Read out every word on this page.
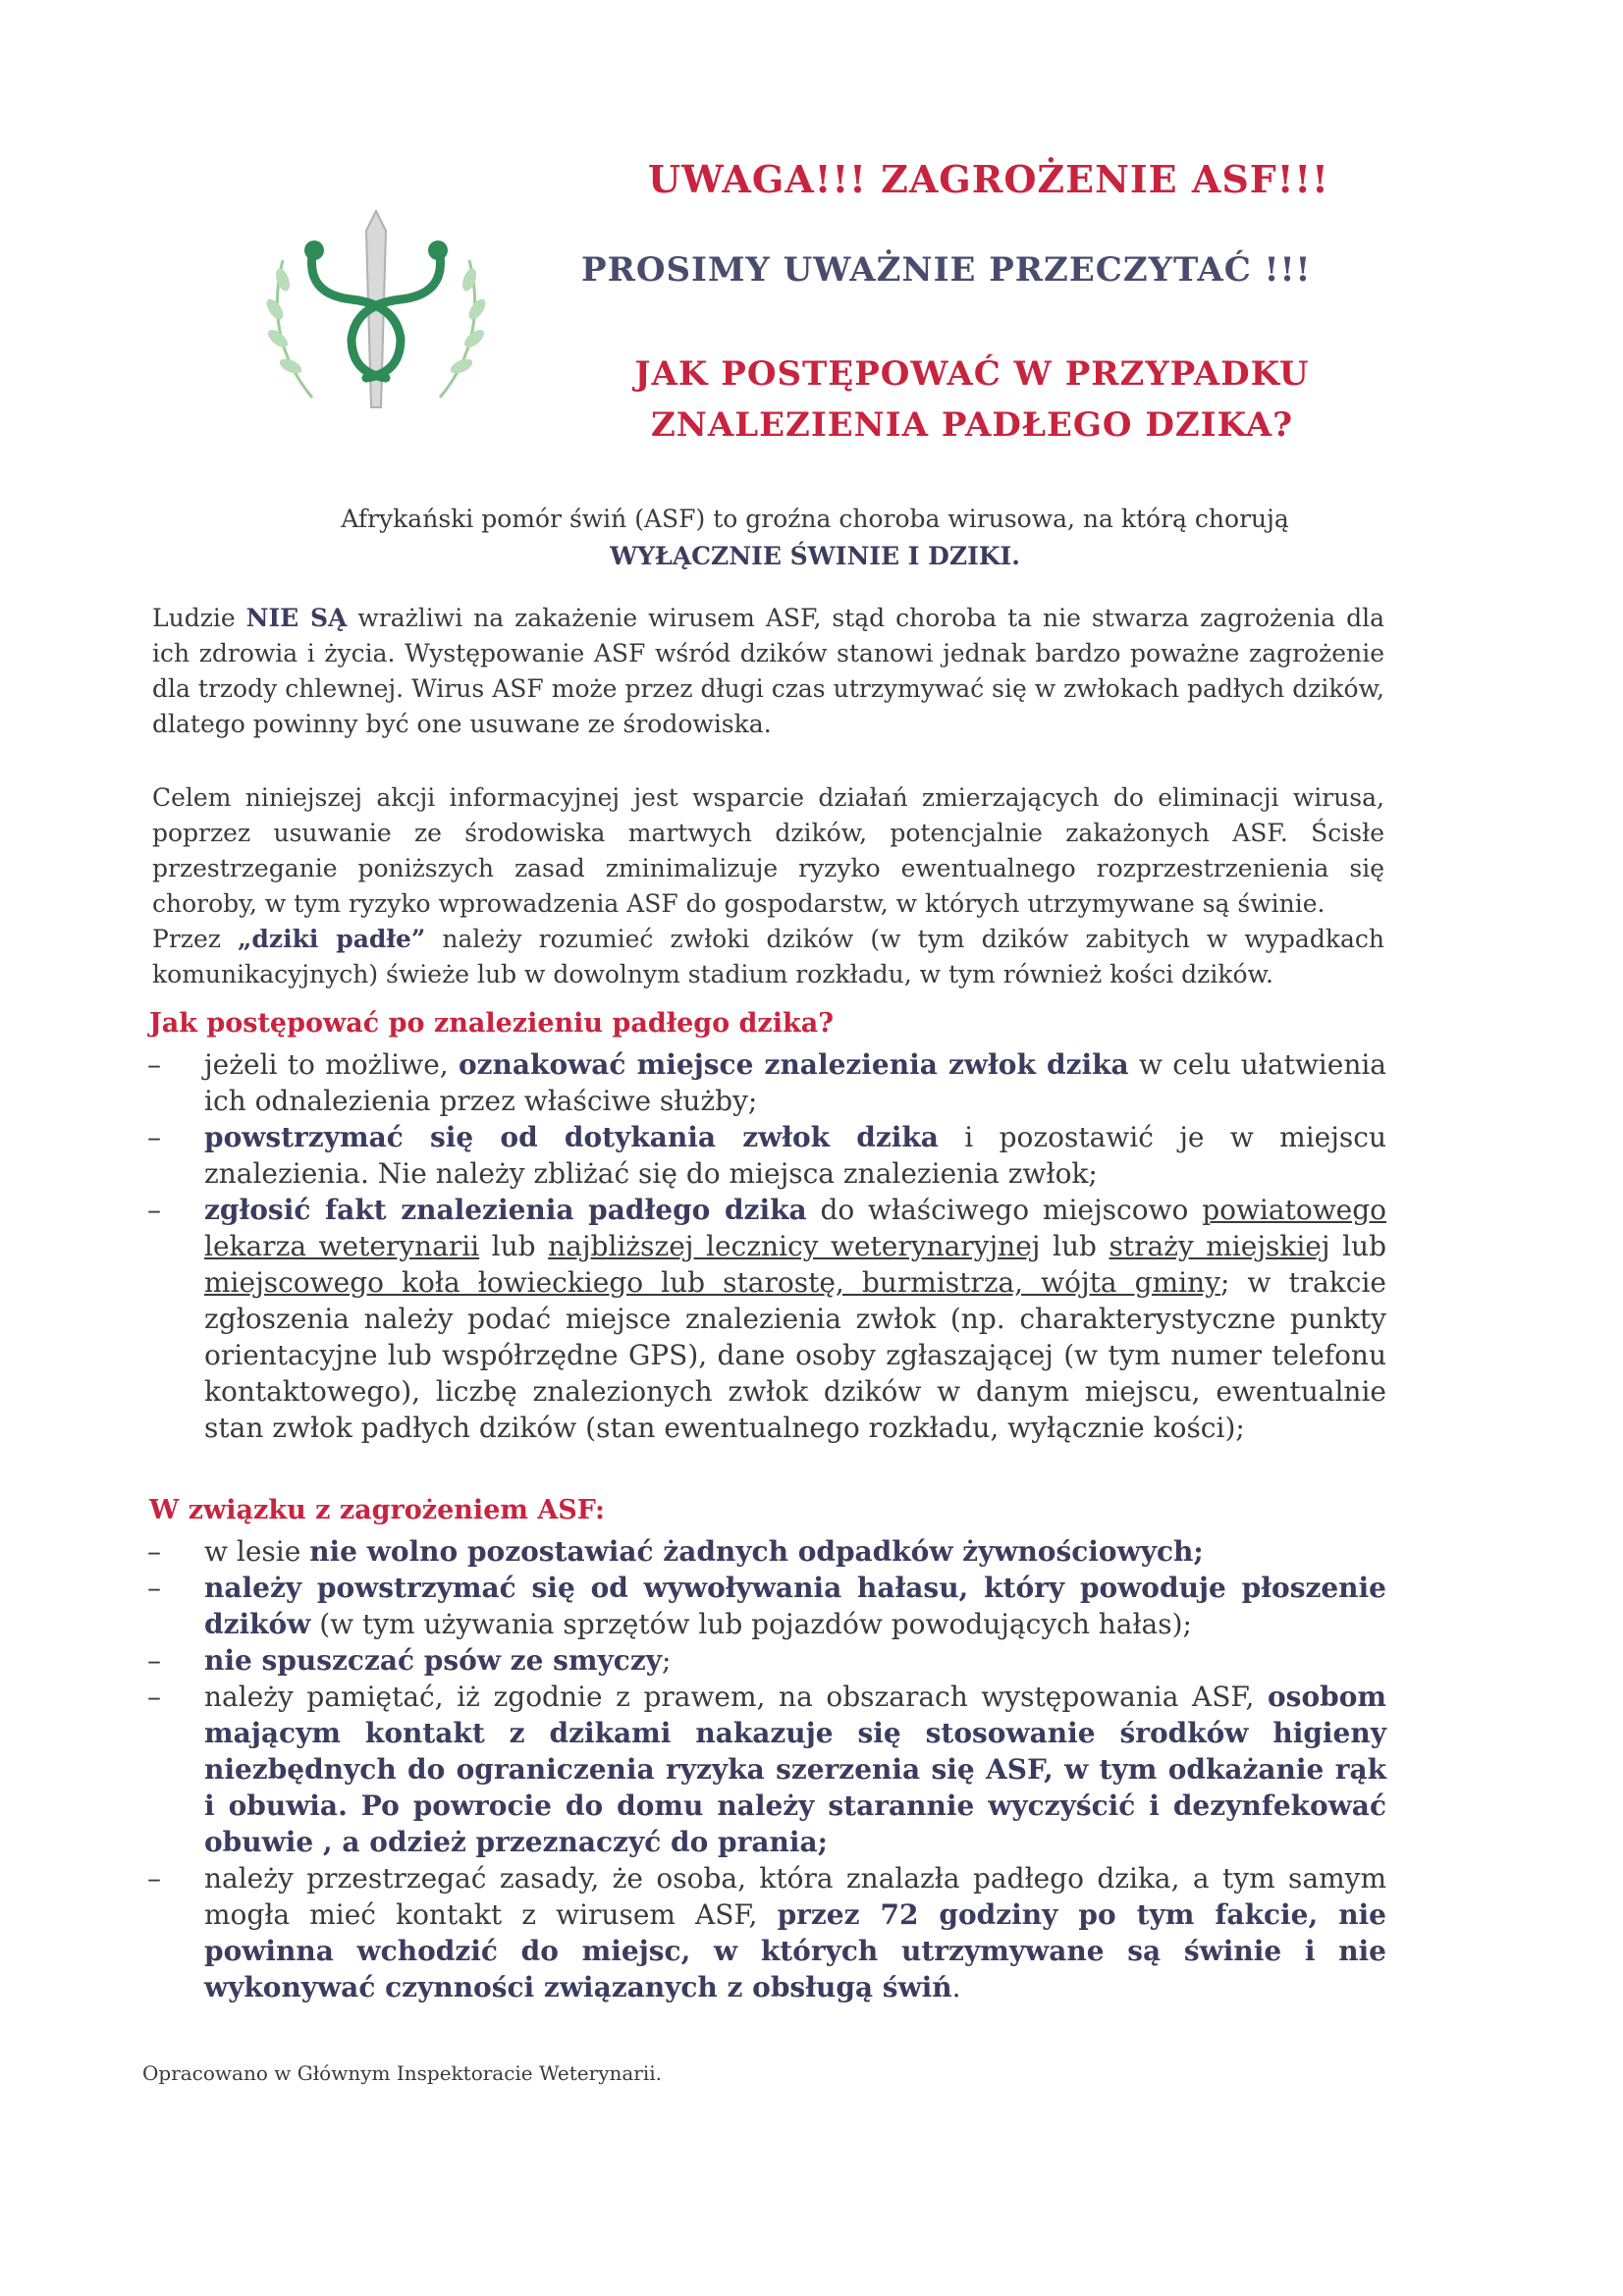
UWAGA!!! ZAGROŻENIE ASF!!!
PROSIMY UWAŻNIE PRZECZYTAĆ !!!
JAK POSTĘPOWAĆ W PRZYPADKU
ZNALEZIENIA PADŁEGO DZIKA?
Afrykański pomór świń (ASF) to groźna choroba wirusowa, na którą chorują
WYŁĄCZNIE ŚWINIE I DZIKI.
Ludzie NIE SĄ wrażliwi na zakażenie wirusem ASF, stąd choroba ta nie stwarza zagrożenia dla ich zdrowia i życia. Występowanie ASF wśród dzików stanowi jednak bardzo poważne zagrożenie dla trzody chlewnej. Wirus ASF może przez długi czas utrzymywać się w zwłokach padłych dzików, dlatego powinny być one usuwane ze środowiska.
Celem niniejszej akcji informacyjnej jest wsparcie działań zmierzających do eliminacji wirusa, poprzez usuwanie ze środowiska martwych dzików, potencjalnie zakażonych ASF. Ścisłe przestrzeganie poniższych zasad zminimalizuje ryzyko ewentualnego rozprzestrzenienia się choroby, w tym ryzyko wprowadzenia ASF do gospodarstw, w których utrzymywane są świnie.
Przez „dziki padłe” należy rozumieć zwłoki dzików (w tym dzików zabitych w wypadkach komunikacyjnych) świeże lub w dowolnym stadium rozkładu, w tym również kości dzików.
Jak postępować po znalezieniu padłego dzika?
– jeżeli to możliwe, oznakować miejsce znalezienia zwłok dzika w celu ułatwienia ich odnalezienia przez właściwe służby;
– powstrzymać się od dotykania zwłok dzika i pozostawić je w miejscu znalezienia. Nie należy zbliżać się do miejsca znalezienia zwłok;
– zgłosić fakt znalezienia padłego dzika do właściwego miejscowo powiatowego lekarza weterynarii lub najbliższej lecznicy weterynaryjnej lub straży miejskiej lub miejscowego koła łowieckiego lub starostę, burmistrza, wójta gminy; w trakcie zgłoszenia należy podać miejsce znalezienia zwłok (np. charakterystyczne punkty orientacyjne lub współrzędne GPS), dane osoby zgłaszającej (w tym numer telefonu kontaktowego), liczbę znalezionych zwłok dzików w danym miejscu, ewentualnie stan zwłok padłych dzików (stan ewentualnego rozkładu, wyłącznie kości);
W związku z zagrożeniem ASF:
– w lesie nie wolno pozostawiać żadnych odpadków żywnościowych;
– należy powstrzymać się od wywoływania hałasu, który powoduje płoszenie dzików (w tym używania sprzętów lub pojazdów powodujących hałas);
– nie spuszczać psów ze smyczy;
– należy pamiętać, iż zgodnie z prawem, na obszarach występowania ASF, osobom mającym kontakt z dzikami nakazuje się stosowanie środków higieny niezbędnych do ograniczenia ryzyka szerzenia się ASF, w tym odkażanie rąk i obuwia. Po powrocie do domu należy starannie wyczyścić i dezynfekować obuwie , a odzież przeznaczyć do prania;
– należy przestrzegać zasady, że osoba, która znalazła padłego dzika, a tym samym mogła mieć kontakt z wirusem ASF, przez 72 godziny po tym fakcie, nie powinna wchodzić do miejsc, w których utrzymywane są świnie i nie wykonywać czynności związanych z obsługą świń.
Opracowano w Głównym Inspektoracie Weterynarii.
